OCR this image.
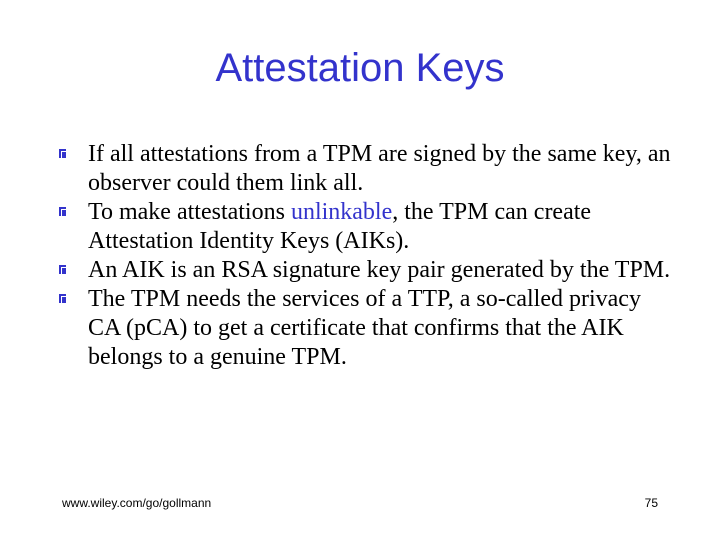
Attestation Keys
If all attestations from a TPM are signed by the same key, an observer could them link all.
To make attestations unlinkable, the TPM can create Attestation Identity Keys (AIKs).
An AIK is an RSA signature key pair generated by the TPM.
The TPM needs the services of a TTP, a so-called privacy CA (pCA) to get a certificate that confirms that the AIK belongs to a genuine TPM.
www.wiley.com/go/gollmann	75
